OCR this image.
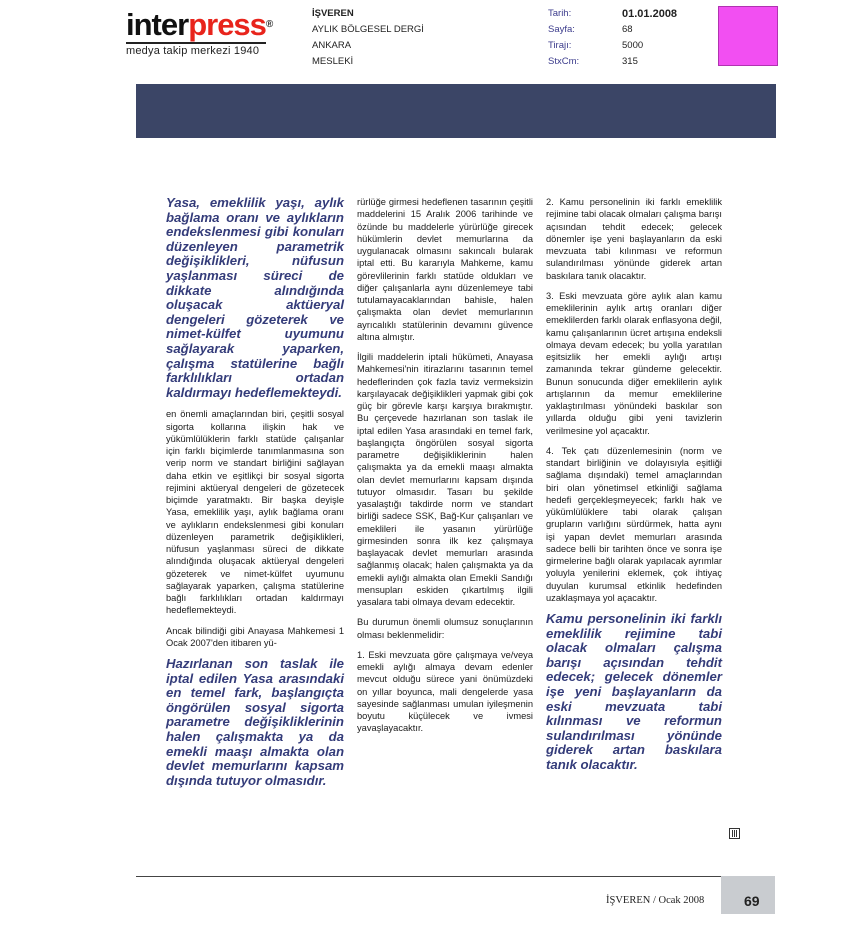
interpress®
medya takip merkezi 1940
İŞVEREN
AYLIK BÖLGESEL DERGİ
ANKARA
MESLEKİ
Tarih:
Sayfa:
Tirajı:
StxCm:
01.01.2008
68
5000
315

Yasa, emeklilik yaşı, aylık bağlama oranı ve aylıkların endekslenmesi gibi konuları düzenleyen parametrik değişiklikleri, nüfusun yaşlanması süreci de dikkate alındığında oluşacak aktüeryal dengeleri gözeterek ve nimet-külfet uyumunu sağlayarak yaparken, çalışma statülerine bağlı farklılıkları ortadan kaldırmayı hedeflemekteydi.

en önemli amaçlarından biri, çeşitli sosyal sigorta kollarına ilişkin hak ve yükümlülüklerin farklı statüde çalışanlar için farklı biçimlerde tanımlanmasına son verip norm ve standart birliğini sağlayan daha etkin ve eşitlikçi bir sosyal sigorta rejimini aktüeryal dengeleri de gözetecek biçimde yaratmaktı. Bir başka deyişle Yasa, emeklilik yaşı, aylık bağlama oranı ve aylıkların endekslenmesi gibi konuları düzenleyen parametrik değişiklikleri, nüfusun yaşlanması süreci de dikkate alındığında oluşacak aktüeryal dengeleri gözeterek ve nimet-külfet uyumunu sağlayarak yaparken, çalışma statülerine bağlı farklılıkları ortadan kaldırmayı hedeflemekteydi.

Ancak bilindiği gibi Anayasa Mahkemesi 1 Ocak 2007'den itibaren yü-

Hazırlanan son taslak ile iptal edilen Yasa arasındaki en temel fark, başlangıçta öngörülen sosyal sigorta parametre değişikliklerinin halen çalışmakta ya da emekli maaşı almakta olan devlet memurlarını kapsam dışında tutuyor olmasıdır.

rürlüğe girmesi hedeflenen tasarının çeşitli maddelerini 15 Aralık 2006 tarihinde ve özünde bu maddelerle yürürlüğe girecek hükümlerin devlet memurlarına da uygulanacak olmasını sakıncalı bularak iptal etti. Bu kararıyla Mahkeme, kamu görevlilerinin farklı statüde oldukları ve diğer çalışanlarla aynı düzenlemeye tabi tutulamayacaklarından bahisle, halen çalışmakta olan devlet memurlarının ayrıcalıklı statülerinin devamını güvence altına almıştır.

İlgili maddelerin iptali hükümeti, Anayasa Mahkemesi'nin itirazlarını tasarının temel hedeflerinden çok fazla taviz vermeksizin karşılayacak değişiklikleri yapmak gibi çok güç bir görevle karşı karşıya bırakmıştır. Bu çerçevede hazırlanan son taslak ile iptal edilen Yasa arasındaki en temel fark, başlangıçta öngörülen sosyal sigorta parametre değişikliklerinin halen çalışmakta ya da emekli maaşı almakta olan devlet memurlarını kapsam dışında tutuyor olmasıdır. Tasarı bu şekilde yasalaştığı takdirde norm ve standart birliği sadece SSK, Bağ-Kur çalışanları ve emeklileri ile yasanın yürürlüğe girmesinden sonra ilk kez çalışmaya başlayacak devlet memurları arasında sağlanmış olacak; halen çalışmakta ya da emekli aylığı almakta olan Emekli Sandığı mensupları eskiden çıkartılmış ilgili yasalara tabi olmaya devam edecektir.

Bu durumun önemli olumsuz sonuçlarının olması beklenmelidir:

1. Eski mevzuata göre çalışmaya ve/veya emekli aylığı almaya devam edenler mevcut olduğu sürece yani önümüzdeki on yıllar boyunca, mali dengelerde yasa sayesinde sağlanması umulan iyileşmenin boyutu küçülecek ve ivmesi yavaşlayacaktır.

2. Kamu personelinin iki farklı emeklilik rejimine tabi olacak olmaları çalışma barışı açısından tehdit edecek; gelecek dönemler işe yeni başlayanların da eski mevzuata tabi kılınması ve reformun sulandırılması yönünde giderek artan baskılara tanık olacaktır.

3. Eski mevzuata göre aylık alan kamu emeklilerinin aylık artış oranları diğer emeklilerden farklı olarak enflasyona değil, kamu çalışanlarının ücret artışına endeksli olmaya devam edecek; bu yolla yaratılan eşitsizlik her emekli aylığı artışı zamanında tekrar gündeme gelecektir. Bunun sonucunda diğer emeklilerin aylık artışlarının da memur emeklilerine yaklaştırılması yönündeki baskılar son yıllarda olduğu gibi yeni tavizlerin verilmesine yol açacaktır.

4. Tek çatı düzenlemesinin (norm ve standart birliğinin ve dolayısıyla eşitliği sağlama dışındaki) temel amaçlarından biri olan yönetimsel etkinliği sağlama hedefi gerçekleşmeyecek; farklı hak ve yükümlülüklere tabi olarak çalışan grupların varlığını sürdürmek, hatta aynı işi yapan devlet memurları arasında sadece belli bir tarihten önce ve sonra işe girmelerine bağlı olarak yapılacak ayrımlar yoluyla yenilerini eklemek, çok ihtiyaç duyulan kurumsal etkinlik hedefinden uzaklaşmaya yol açacaktır.

Kamu personelinin iki farklı emeklilik rejimine tabi olacak olmaları çalışma barışı açısından tehdit edecek; gelecek dönemler işe yeni başlayanların da eski mevzuata tabi kılınması ve reformun sulandırılması yönünde giderek artan baskılara tanık olacaktır.

İŞVEREN / Ocak 2008	69
